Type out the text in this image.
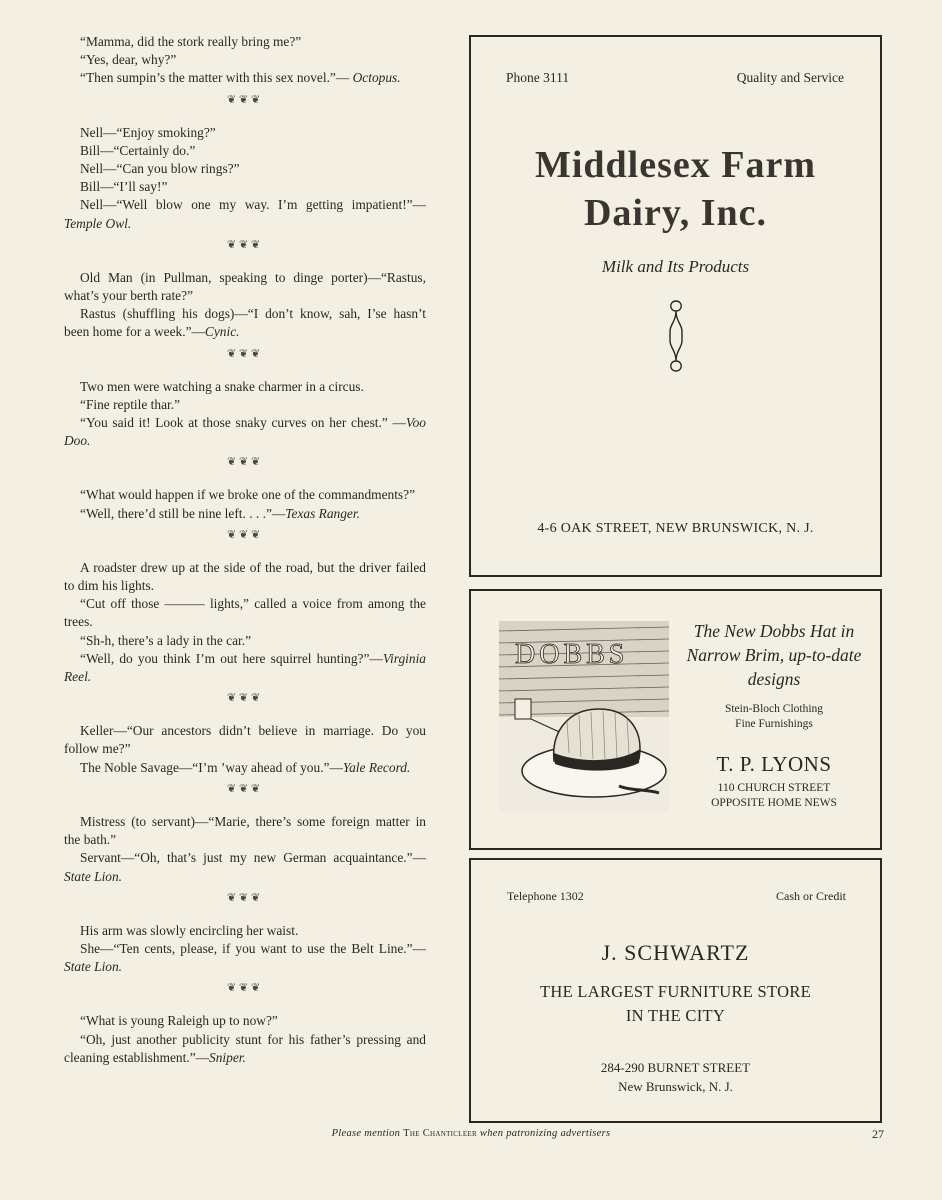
“Mamma, did the stork really bring me?”

“Yes, dear, why?”

“Then sumpin’s the matter with this sex novel.”— Octopus.

❦❦❦

Nell—“Enjoy smoking?”

Bill—“Certainly do.”

Nell—“Can you blow rings?”

Bill—“I’ll say!”

Nell—“Well blow one my way. I’m getting impatient!”—Temple Owl.

❦❦❦

Old Man (in Pullman, speaking to dinge porter)—“Rastus, what’s your berth rate?”

Rastus (shuffling his dogs)—“I don’t know, sah, I’se hasn’t been home for a week.”—Cynic.

❦❦❦

Two men were watching a snake charmer in a circus.

“Fine reptile thar.”

“You said it! Look at those snaky curves on her chest.” —Voo Doo.

❦❦❦

“What would happen if we broke one of the commandments?”

“Well, there’d still be nine left. . . .”—Texas Ranger.

❦❦❦

A roadster drew up at the side of the road, but the driver failed to dim his lights.

“Cut off those ——— lights,” called a voice from among the trees.

“Sh-h, there’s a lady in the car.”

“Well, do you think I’m out here squirrel hunting?”—Virginia Reel.

❦❦❦

Keller—“Our ancestors didn’t believe in marriage. Do you follow me?”

The Noble Savage—“I’m ’way ahead of you.”—Yale Record.

❦❦❦

Mistress (to servant)—“Marie, there’s some foreign matter in the bath.”

Servant—“Oh, that’s just my new German acquaintance.”—State Lion.

❦❦❦

His arm was slowly encircling her waist.

She—“Ten cents, please, if you want to use the Belt Line.”—State Lion.

❦❦❦

“What is young Raleigh up to now?”

“Oh, just another publicity stunt for his father’s pressing and cleaning establishment.”—Sniper.

Phone 3111	Quality and Service
Middlesex Farm
Dairy, Inc.
Milk and Its Products
4-6 OAK STREET, NEW BRUNSWICK, N. J.
DOBBS
The New Dobbs Hat in Narrow Brim, up-to-date designs
Stein-Bloch Clothing
Fine Furnishings
T. P. LYONS
110 CHURCH STREET
OPPOSITE HOME NEWS
Telephone 1302	Cash or Credit
J. SCHWARTZ
THE LARGEST FURNITURE STORE
IN THE CITY
284-290 BURNET STREET
New Brunswick, N. J.
Please mention The Chanticleer when patronizing advertisers	27
